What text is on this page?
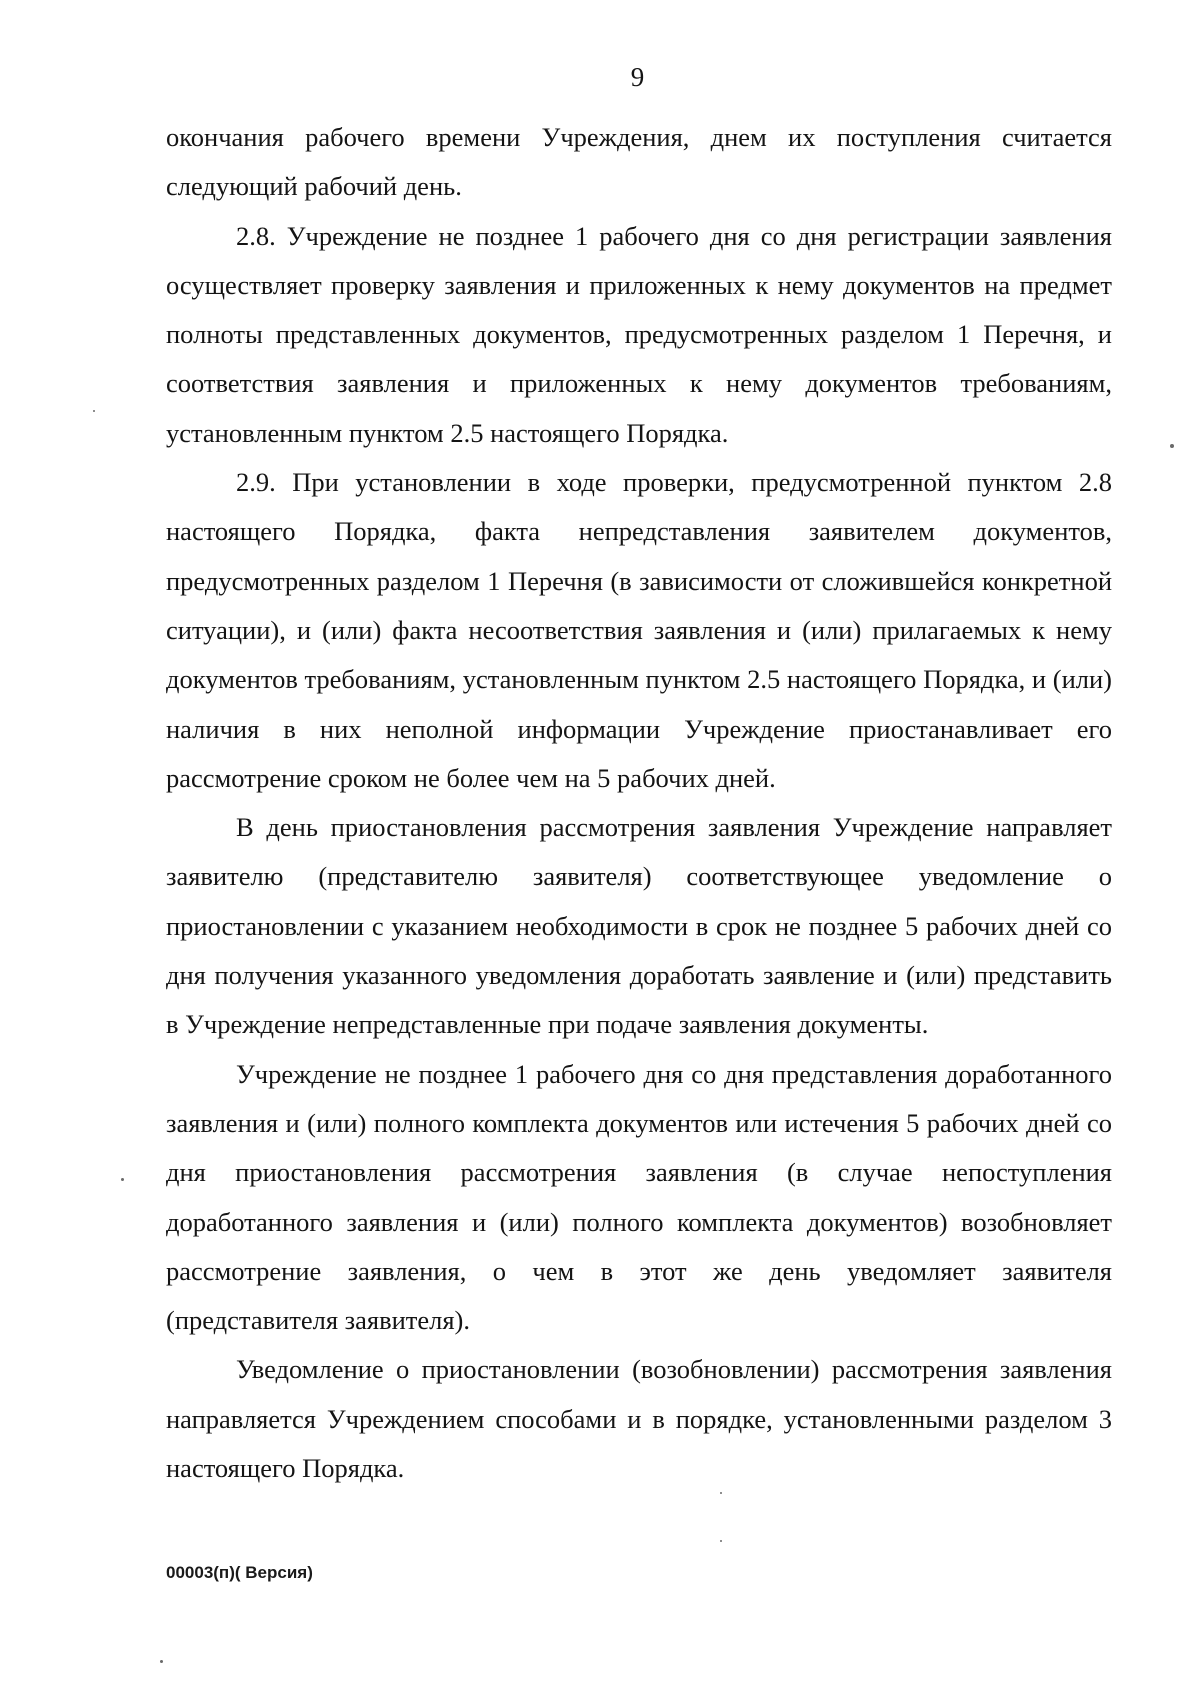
9

окончания рабочего времени Учреждения, днем их поступления считается следующий рабочий день.

2.8. Учреждение не позднее 1 рабочего дня со дня регистрации заявления осуществляет проверку заявления и приложенных к нему документов на предмет полноты представленных документов, предусмотренных разделом 1 Перечня, и соответствия заявления и приложенных к нему документов требованиям, установленным пунктом 2.5 настоящего Порядка.

2.9. При установлении в ходе проверки, предусмотренной пунктом 2.8 настоящего Порядка, факта непредставления заявителем документов, предусмотренных разделом 1 Перечня (в зависимости от сложившейся конкретной ситуации), и (или) факта несоответствия заявления и (или) прилагаемых к нему документов требованиям, установленным пунктом 2.5 настоящего Порядка, и (или) наличия в них неполной информации Учреждение приостанавливает его рассмотрение сроком не более чем на 5 рабочих дней.

В день приостановления рассмотрения заявления Учреждение направляет заявителю (представителю заявителя) соответствующее уведомление о приостановлении с указанием необходимости в срок не позднее 5 рабочих дней со дня получения указанного уведомления доработать заявление и (или) представить в Учреждение непредставленные при подаче заявления документы.

Учреждение не позднее 1 рабочего дня со дня представления доработанного заявления и (или) полного комплекта документов или истечения 5 рабочих дней со дня приостановления рассмотрения заявления (в случае непоступления доработанного заявления и (или) полного комплекта документов) возобновляет рассмотрение заявления, о чем в этот же день уведомляет заявителя (представителя заявителя).

Уведомление о приостановлении (возобновлении) рассмотрения заявления направляется Учреждением способами и в порядке, установленными разделом 3 настоящего Порядка.

00003(п)( Версия)
